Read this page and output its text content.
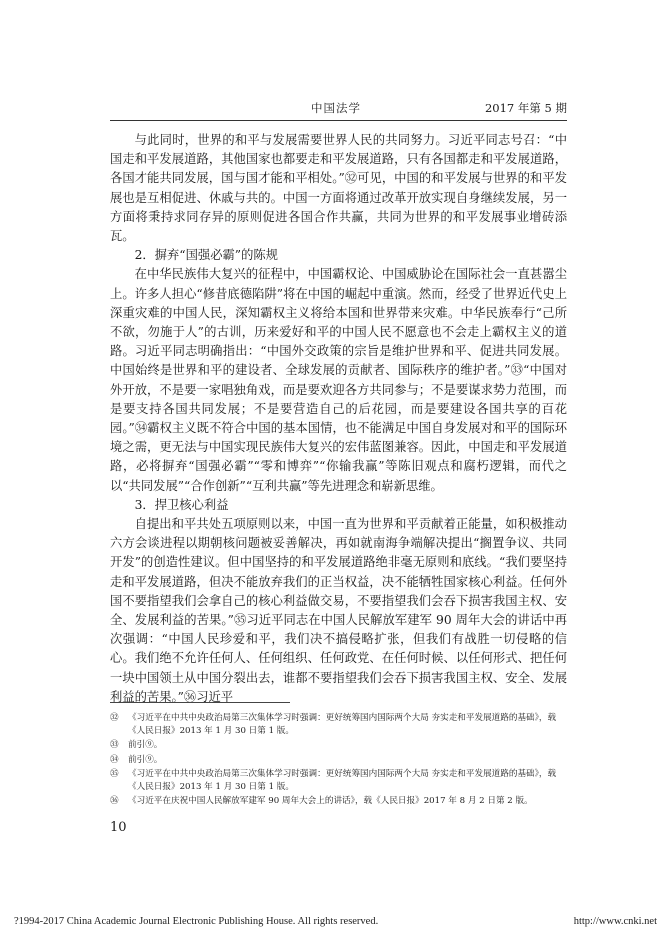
中国法学	2017 年第 5 期

与此同时，世界的和平与发展需要世界人民的共同努力。习近平同志号召：“中国走和平发展道路，其他国家也都要走和平发展道路，只有各国都走和平发展道路，各国才能共同发展，国与国才能和平相处。”㉜可见，中国的和平发展与世界的和平发展也是互相促进、休戚与共的。中国一方面将通过改革开放实现自身继续发展，另一方面将秉持求同存异的原则促进各国合作共赢，共同为世界的和平发展事业增砖添瓦。

2．摒弃“国强必霸”的陈规

在中华民族伟大复兴的征程中，中国霸权论、中国威胁论在国际社会一直甚嚣尘上。许多人担心“修昔底德陷阱”将在中国的崛起中重演。然而，经受了世界近代史上深重灾难的中国人民，深知霸权主义将给本国和世界带来灾难。中华民族奉行“己所不欲，勿施于人”的古训，历来爱好和平的中国人民不愿意也不会走上霸权主义的道路。习近平同志明确指出：“中国外交政策的宗旨是维护世界和平、促进共同发展。中国始终是世界和平的建设者、全球发展的贡献者、国际秩序的维护者。”㉝“中国对外开放，不是要一家唱独角戏，而是要欢迎各方共同参与；不是要谋求势力范围，而是要支持各国共同发展；不是要营造自己的后花园，而是要建设各国共享的百花园。”㉞霸权主义既不符合中国的基本国情，也不能满足中国自身发展对和平的国际环境之需，更无法与中国实现民族伟大复兴的宏伟蓝图兼容。因此，中国走和平发展道路，必将摒弃“国强必霸”“零和博弈”“你输我赢”等陈旧观点和腐朽逻辑，而代之以“共同发展”“合作创新”“互利共赢”等先进理念和崭新思维。

3．捍卫核心利益

自提出和平共处五项原则以来，中国一直为世界和平贡献着正能量，如积极推动六方会谈进程以期朝核问题被妥善解决，再如就南海争端解决提出“搁置争议、共同开发”的创造性建议。但中国坚持的和平发展道路绝非毫无原则和底线。“我们要坚持走和平发展道路，但决不能放弃我们的正当权益，决不能牺牲国家核心利益。任何外国不要指望我们会拿自己的核心利益做交易，不要指望我们会吞下损害我国主权、安全、发展利益的苦果。”㉟习近平同志在中国人民解放军建军 90 周年大会的讲话中再次强调：“中国人民珍爱和平，我们决不搞侵略扩张，但我们有战胜一切侵略的信心。我们绝不允许任何人、任何组织、任何政党、在任何时候、以任何形式、把任何一块中国领土从中国分裂出去，谁都不要指望我们会吞下损害我国主权、安全、发展利益的苦果。”㊱习近平

㉜	《习近平在中共中央政治局第三次集体学习时强调：更好统筹国内国际两个大局 夯实走和平发展道路的基础》，载《人民日报》2013 年 1 月 30 日第 1 版。
㉝	前引⑨。
㉞	前引⑨。
㉟	《习近平在中共中央政治局第三次集体学习时强调：更好统筹国内国际两个大局 夯实走和平发展道路的基础》，载《人民日报》2013 年 1 月 30 日第 1 版。
㊱	《习近平在庆祝中国人民解放军建军 90 周年大会上的讲话》，载《人民日报》2017 年 8 月 2 日第 2 版。
10
?1994-2017 China Academic Journal Electronic Publishing House. All rights reserved.	http://www.cnki.net
